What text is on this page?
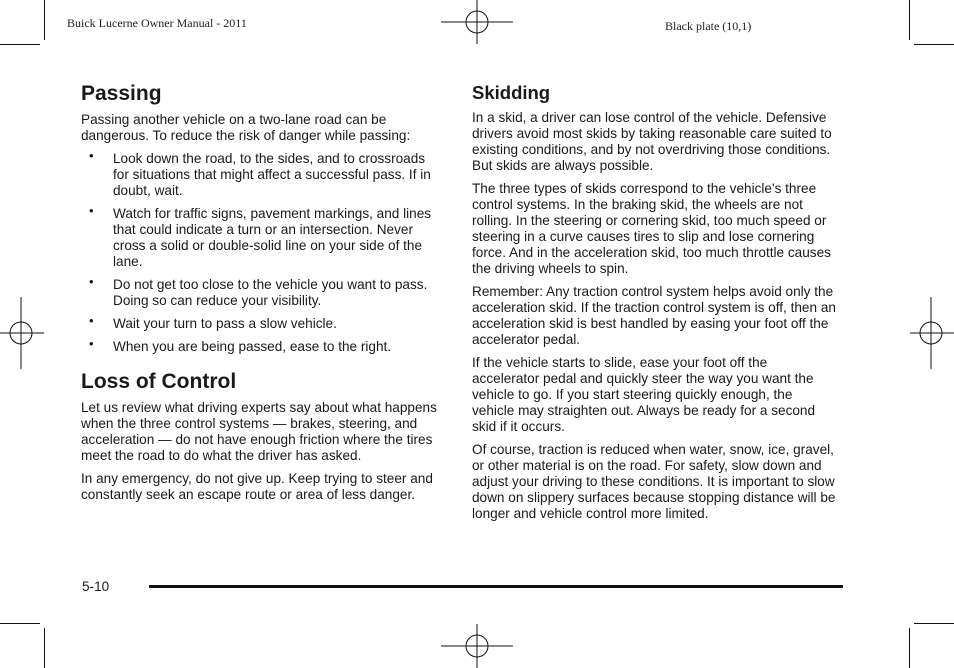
Buick Lucerne Owner Manual - 2011	Black plate (10,1)
Passing

Passing another vehicle on a two-lane road can be dangerous. To reduce the risk of danger while passing:

• Look down the road, to the sides, and to crossroads for situations that might affect a successful pass. If in doubt, wait.
• Watch for traffic signs, pavement markings, and lines that could indicate a turn or an intersection. Never cross a solid or double-solid line on your side of the lane.
• Do not get too close to the vehicle you want to pass. Doing so can reduce your visibility.
• Wait your turn to pass a slow vehicle.
• When you are being passed, ease to the right.
Loss of Control

Let us review what driving experts say about what happens when the three control systems — brakes, steering, and acceleration — do not have enough friction where the tires meet the road to do what the driver has asked.

In any emergency, do not give up. Keep trying to steer and constantly seek an escape route or area of less danger.

Skidding

In a skid, a driver can lose control of the vehicle. Defensive drivers avoid most skids by taking reasonable care suited to existing conditions, and by not overdriving those conditions. But skids are always possible.

The three types of skids correspond to the vehicle's three control systems. In the braking skid, the wheels are not rolling. In the steering or cornering skid, too much speed or steering in a curve causes tires to slip and lose cornering force. And in the acceleration skid, too much throttle causes the driving wheels to spin.

Remember: Any traction control system helps avoid only the acceleration skid. If the traction control system is off, then an acceleration skid is best handled by easing your foot off the accelerator pedal.

If the vehicle starts to slide, ease your foot off the accelerator pedal and quickly steer the way you want the vehicle to go. If you start steering quickly enough, the vehicle may straighten out. Always be ready for a second skid if it occurs.

Of course, traction is reduced when water, snow, ice, gravel, or other material is on the road. For safety, slow down and adjust your driving to these conditions. It is important to slow down on slippery surfaces because stopping distance will be longer and vehicle control more limited.

5-10
